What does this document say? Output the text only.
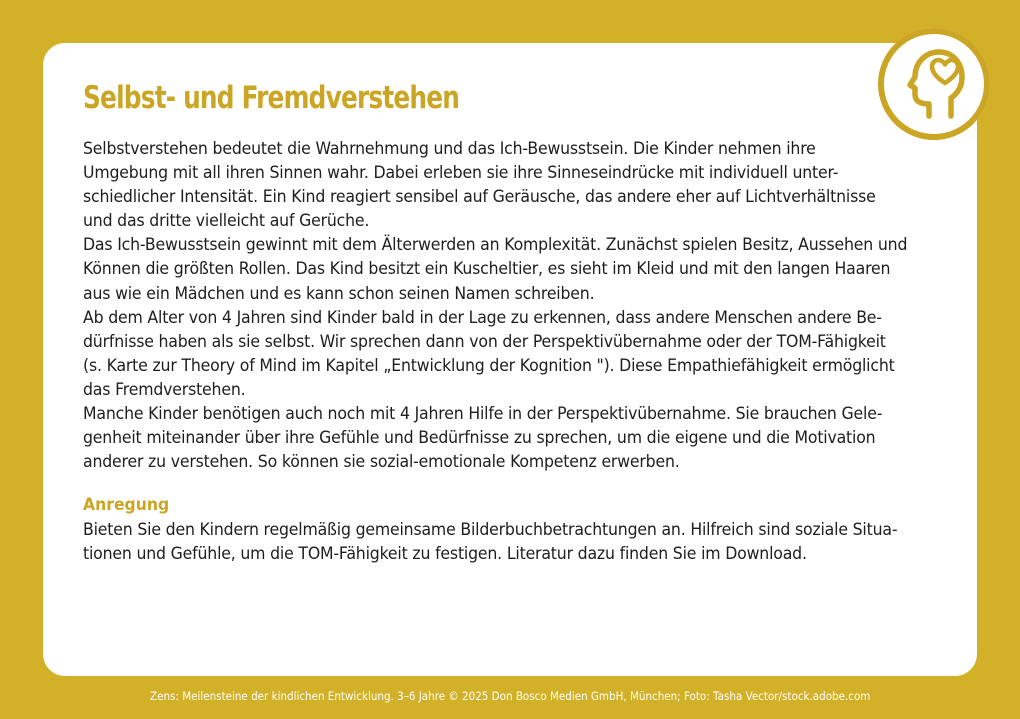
Selbst- und Fremdverstehen
Selbstverstehen bedeutet die Wahrnehmung und das Ich-Bewusstsein. Die Kinder nehmen ihre
Umgebung mit all ihren Sinnen wahr. Dabei erleben sie ihre Sinneseindrücke mit individuell unter-
schiedlicher Intensität. Ein Kind reagiert sensibel auf Geräusche, das andere eher auf Lichtverhältnisse
und das dritte vielleicht auf Gerüche.
Das Ich-Bewusstsein gewinnt mit dem Älterwerden an Komplexität. Zunächst spielen Besitz, Aussehen und
Können die größten Rollen. Das Kind besitzt ein Kuscheltier, es sieht im Kleid und mit den langen Haaren
aus wie ein Mädchen und es kann schon seinen Namen schreiben.
Ab dem Alter von 4 Jahren sind Kinder bald in der Lage zu erkennen, dass andere Menschen andere Be-
dürfnisse haben als sie selbst. Wir sprechen dann von der Perspektivübernahme oder der TOM-Fähigkeit
(s. Karte zur Theory of Mind im Kapitel „Entwicklung der Kognition "). Diese Empathiefähigkeit ermöglicht
das Fremdverstehen.
Manche Kinder benötigen auch noch mit 4 Jahren Hilfe in der Perspektivübernahme. Sie brauchen Gele-
genheit miteinander über ihre Gefühle und Bedürfnisse zu sprechen, um die eigene und die Motivation
anderer zu verstehen. So können sie sozial-emotionale Kompetenz erwerben.
Anregung
Bieten Sie den Kindern regelmäßig gemeinsame Bilderbuchbetrachtungen an. Hilfreich sind soziale Situa-
tionen und Gefühle, um die TOM-Fähigkeit zu festigen. Literatur dazu finden Sie im Download.
Zens: Meilensteine der kindlichen Entwicklung. 3–6 Jahre © 2025 Don Bosco Medien GmbH, München; Foto: Tasha Vector/stock.adobe.com
